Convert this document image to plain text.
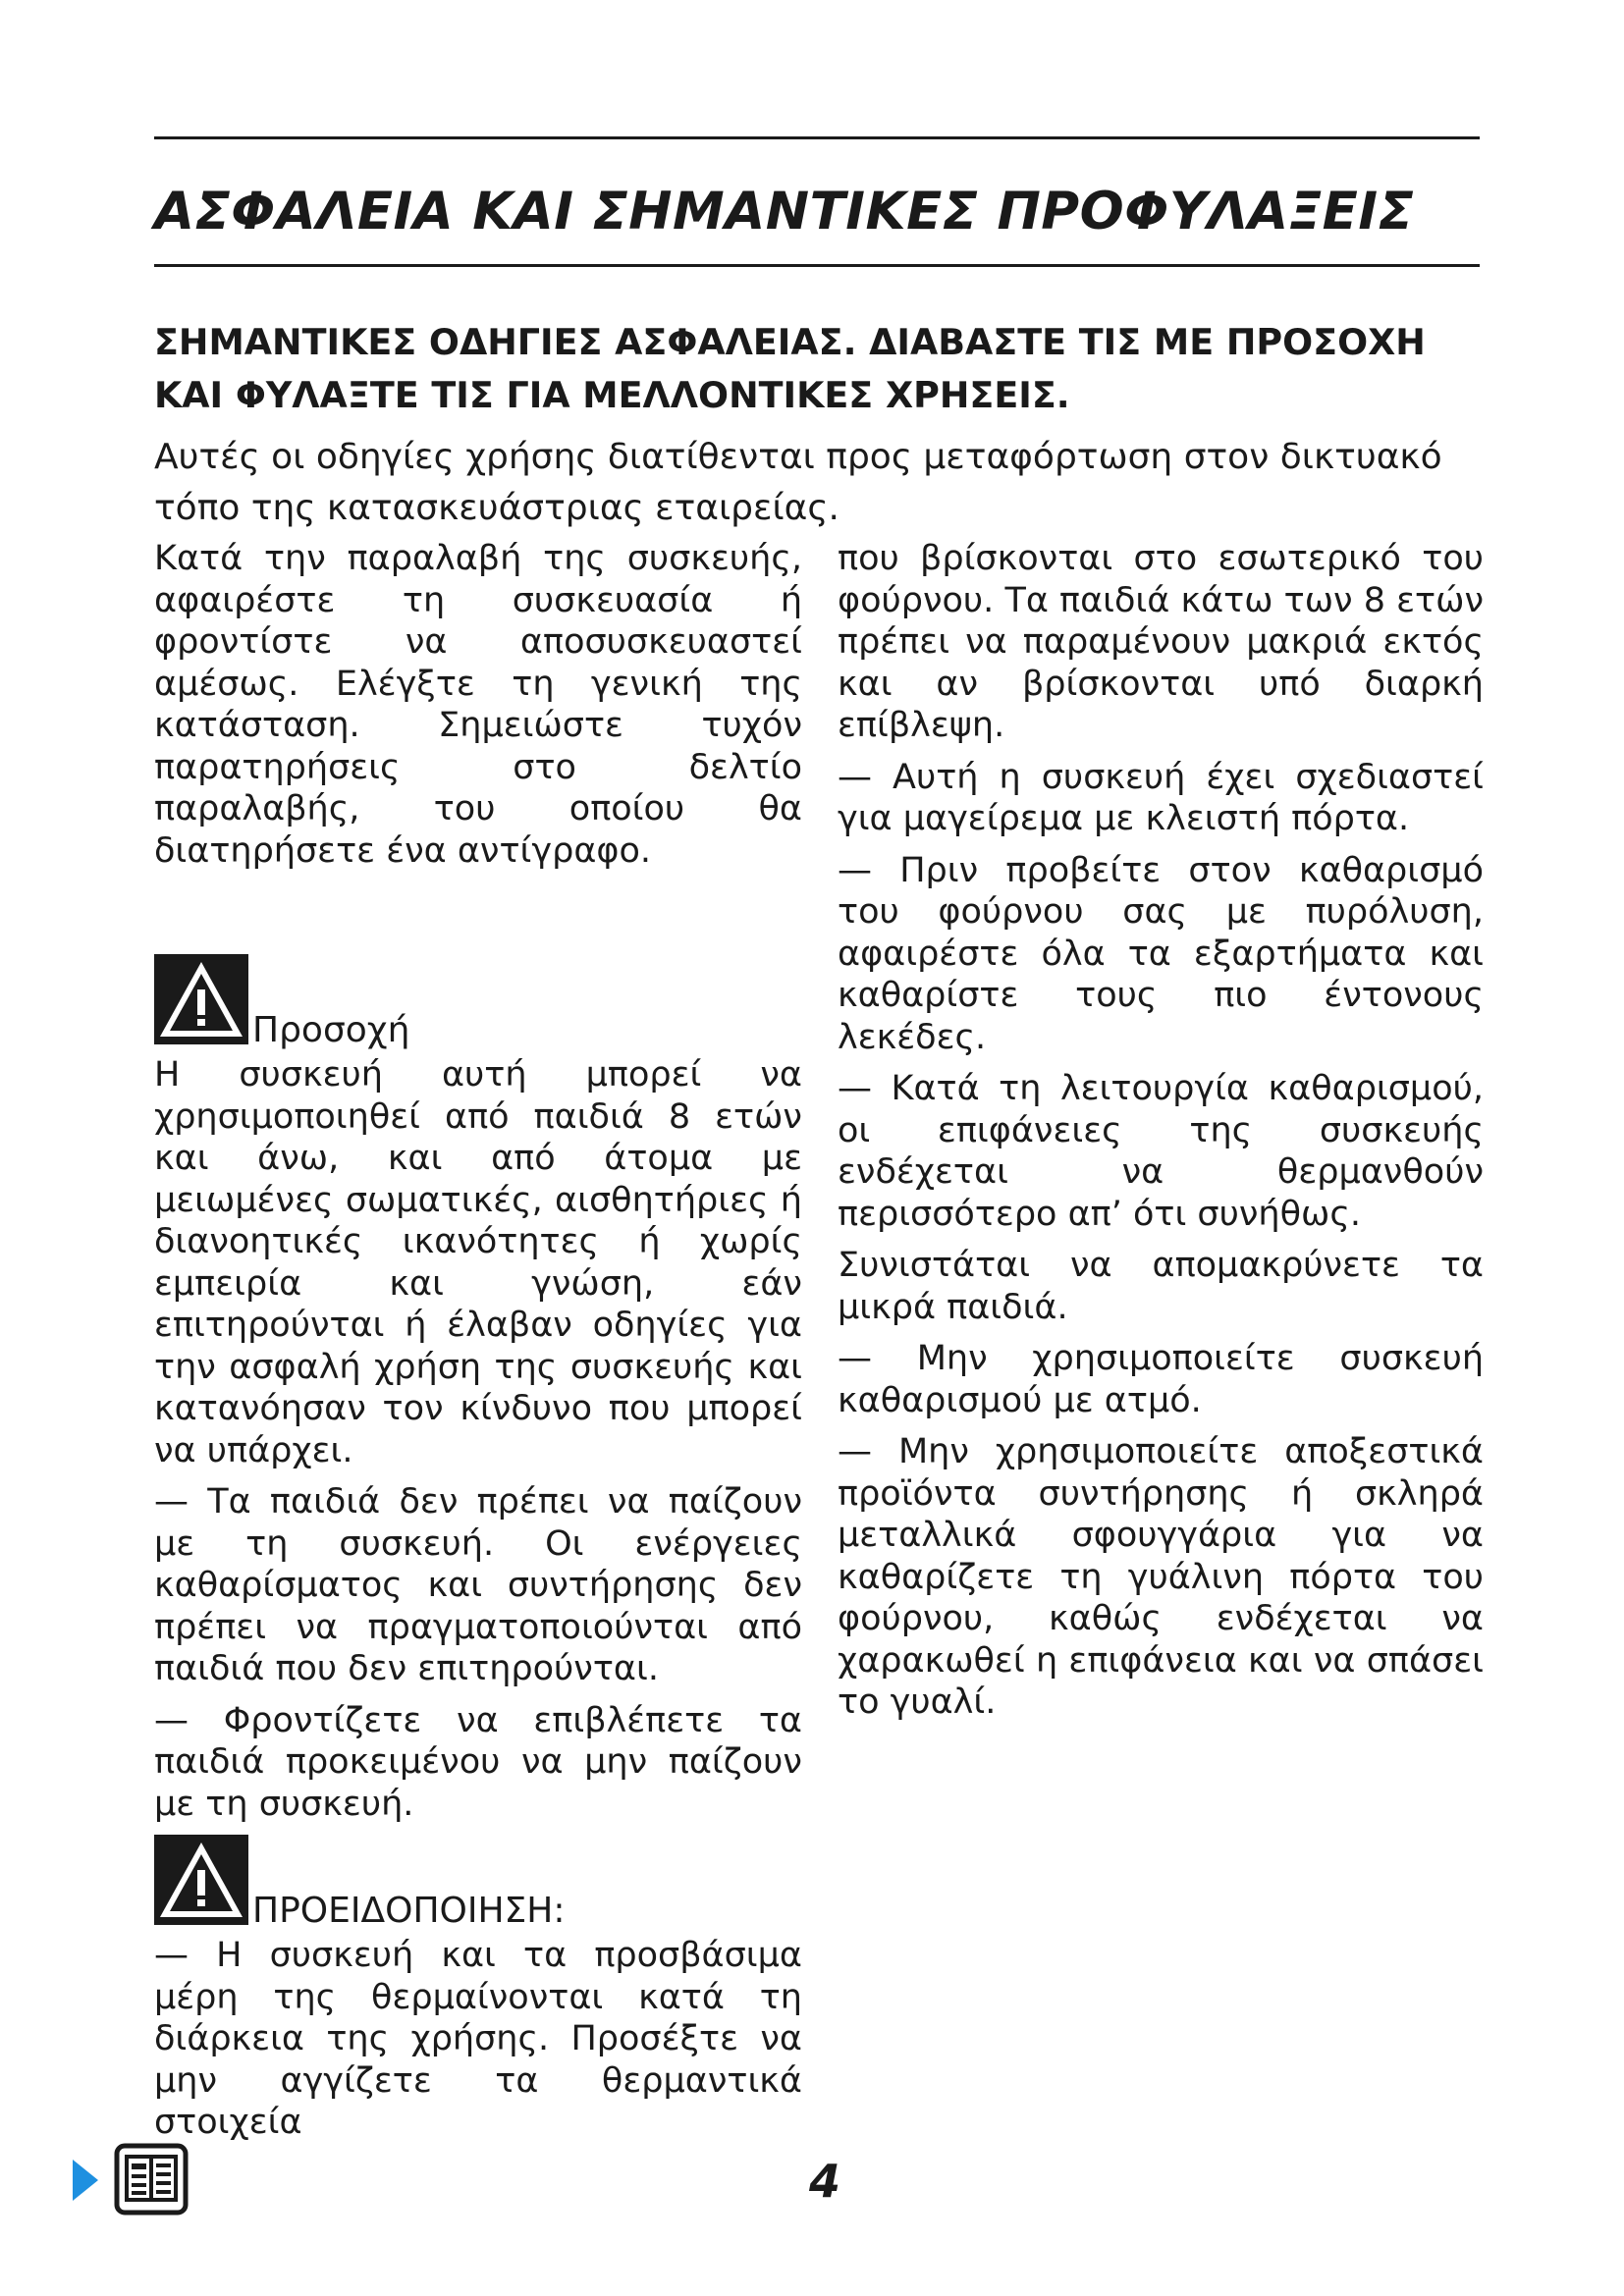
ΑΣΦΑΛΕΙΑ ΚΑΙ ΣΗΜΑΝΤΙΚΕΣ ΠΡΟΦΥΛΑΞΕΙΣ
ΣΗΜΑΝΤΙΚΕΣ ΟΔΗΓΙΕΣ ΑΣΦΑΛΕΙΑΣ. ΔΙΑΒΑΣΤΕ ΤΙΣ ΜΕ ΠΡΟΣΟΧΗ ΚΑΙ ΦΥΛΑΞΤΕ ΤΙΣ ΓΙΑ ΜΕΛΛΟΝΤΙΚΕΣ ΧΡΗΣΕΙΣ.

Αυτές οι οδηγίες χρήσης διατίθενται προς μεταφόρτωση στον δικτυακό τόπο της κατασκευάστριας εταιρείας.

Κατά την παραλαβή της συσκευής, αφαιρέστε τη συσκευασία ή φροντίστε να αποσυσκευαστεί αμέσως. Ελέγξτε τη γενική της κατάσταση. Σημειώστε τυχόν παρατηρήσεις στο δελτίο παραλαβής, του οποίου θα διατηρήσετε ένα αντίγραφο.

Προσοχή

Η συσκευή αυτή μπορεί να χρησιμοποιηθεί από παιδιά 8 ετών και άνω, και από άτομα με μειωμένες σωματικές, αισθητήριες ή διανοητικές ικανότητες ή χωρίς εμπειρία και γνώση, εάν επιτηρούνται ή έλαβαν οδηγίες για την ασφαλή χρήση της συσκευής και κατανόησαν τον κίνδυνο που μπορεί να υπάρχει.

— Τα παιδιά δεν πρέπει να παίζουν με τη συσκευή. Οι ενέργειες καθαρίσματος και συντήρησης δεν πρέπει να πραγματοποιούνται από παιδιά που δεν επιτηρούνται.

— Φροντίζετε να επιβλέπετε τα παιδιά προκειμένου να μην παίζουν με τη συσκευή.

ΠΡΟΕΙΔΟΠΟΙΗΣΗ:

— Η συσκευή και τα προσβάσιμα μέρη της θερμαίνονται κατά τη διάρκεια της χρήσης. Προσέξτε να μην αγγίζετε τα θερμαντικά στοιχεία

που βρίσκονται στο εσωτερικό του φούρνου. Τα παιδιά κάτω των 8 ετών πρέπει να παραμένουν μακριά εκτός και αν βρίσκονται υπό διαρκή επίβλεψη.

— Αυτή η συσκευή έχει σχεδιαστεί για μαγείρεμα με κλειστή πόρτα.

— Πριν προβείτε στον καθαρισμό του φούρνου σας με πυρόλυση, αφαιρέστε όλα τα εξαρτήματα και καθαρίστε τους πιο έντονους λεκέδες.

— Κατά τη λειτουργία καθαρισμού, οι επιφάνειες της συσκευής ενδέχεται να θερμανθούν περισσότερο απ’ ότι συνήθως.

Συνιστάται να απομακρύνετε τα μικρά παιδιά.

— Μην χρησιμοποιείτε συσκευή καθαρισμού με ατμό.

— Μην χρησιμοποιείτε αποξεστικά προϊόντα συντήρησης ή σκληρά μεταλλικά σφουγγάρια για να καθαρίζετε τη γυάλινη πόρτα του φούρνου, καθώς ενδέχεται να χαρακωθεί η επιφάνεια και να σπάσει το γυαλί.

4
